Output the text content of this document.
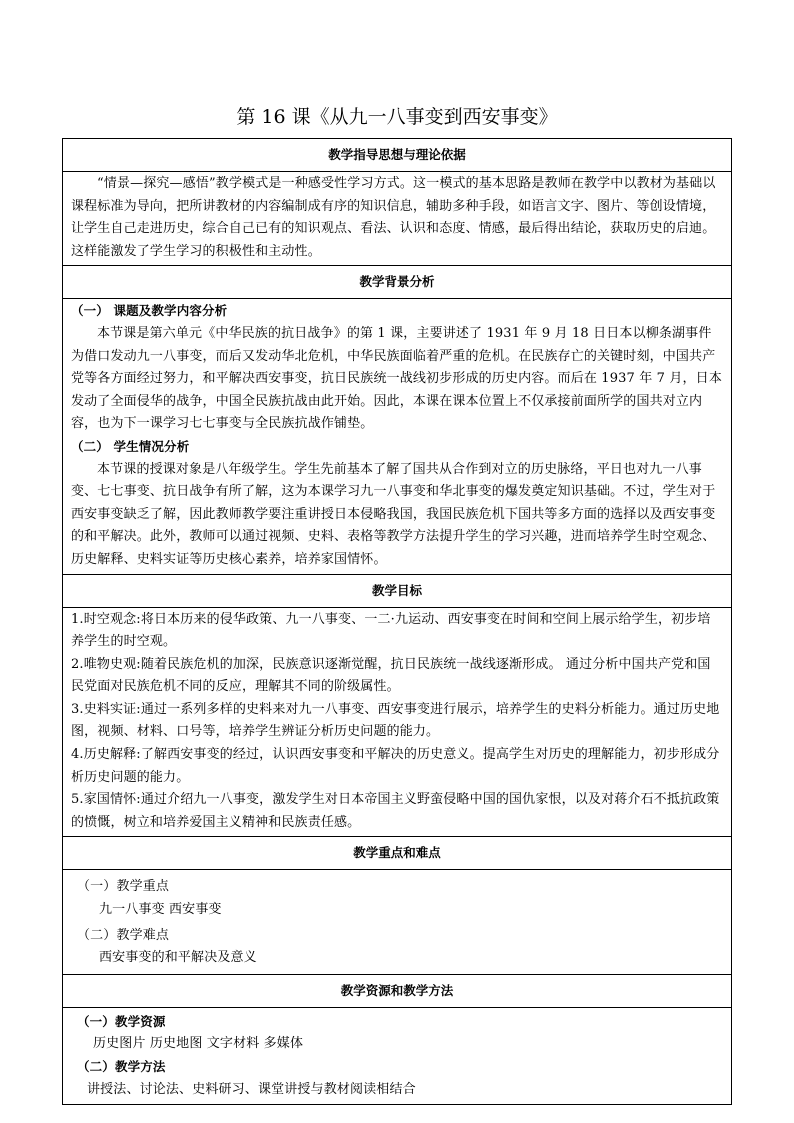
第 16 课《从九一八事变到西安事变》
教学指导思想与理论依据

“情景—探究—感悟”教学模式是一种感受性学习方式。这一模式的基本思路是教师在教学中以教材为基础以课程标准为导向，把所讲教材的内容编制成有序的知识信息，辅助多种手段，如语言文字、图片、等创设情境，让学生自己走进历史，综合自己已有的知识观点、看法、认识和态度、情感，最后得出结论，获取历史的启迪。这样能激发了学生学习的积极性和主动性。

教学背景分析

（一） 课题及教学内容分析

本节课是第六单元《中华民族的抗日战争》的第 1 课，主要讲述了 1931 年 9 月 18 日日本以柳条湖事件为借口发动九一八事变，而后又发动华北危机，中华民族面临着严重的危机。在民族存亡的关键时刻，中国共产党等各方面经过努力，和平解决西安事变，抗日民族统一战线初步形成的历史内容。而后在 1937 年 7 月，日本发动了全面侵华的战争，中国全民族抗战由此开始。因此，本课在课本位置上不仅承接前面所学的国共对立内容，也为下一课学习七七事变与全民族抗战作铺垫。

（二） 学生情况分析

本节课的授课对象是八年级学生。学生先前基本了解了国共从合作到对立的历史脉络，平日也对九一八事变、七七事变、抗日战争有所了解，这为本课学习九一八事变和华北事变的爆发奠定知识基础。不过，学生对于西安事变缺乏了解，因此教师教学要注重讲授日本侵略我国，我国民族危机下国共等多方面的选择以及西安事变的和平解决。此外，教师可以通过视频、史料、表格等教学方法提升学生的学习兴趣，进而培养学生时空观念、历史解释、史料实证等历史核心素养，培养家国情怀。

教学目标

1.时空观念:将日本历来的侵华政策、九一八事变、一二·九运动、西安事变在时间和空间上展示给学生，初步培养学生的时空观。

2.唯物史观:随着民族危机的加深，民族意识逐渐觉醒，抗日民族统一战线逐渐形成。 通过分析中国共产党和国民党面对民族危机不同的反应，理解其不同的阶级属性。

3.史料实证:通过一系列多样的史料来对九一八事变、西安事变进行展示，培养学生的史料分析能力。通过历史地图，视频、材料、口号等，培养学生辨证分析历史问题的能力。

4.历史解释:了解西安事变的经过，认识西安事变和平解决的历史意义。提高学生对历史的理解能力，初步形成分析历史问题的能力。

5.家国情怀:通过介绍九一八事变，激发学生对日本帝国主义野蛮侵略中国的国仇家恨，以及对蒋介石不抵抗政策的愤慨，树立和培养爱国主义精神和民族责任感。

教学重点和难点

（一）教学重点

九一八事变 西安事变

（二）教学难点

西安事变的和平解决及意义

教学资源和教学方法

（一）教学资源

历史图片 历史地图 文字材料 多媒体

（二）教学方法

讲授法、讨论法、史料研习、课堂讲授与教材阅读相结合
